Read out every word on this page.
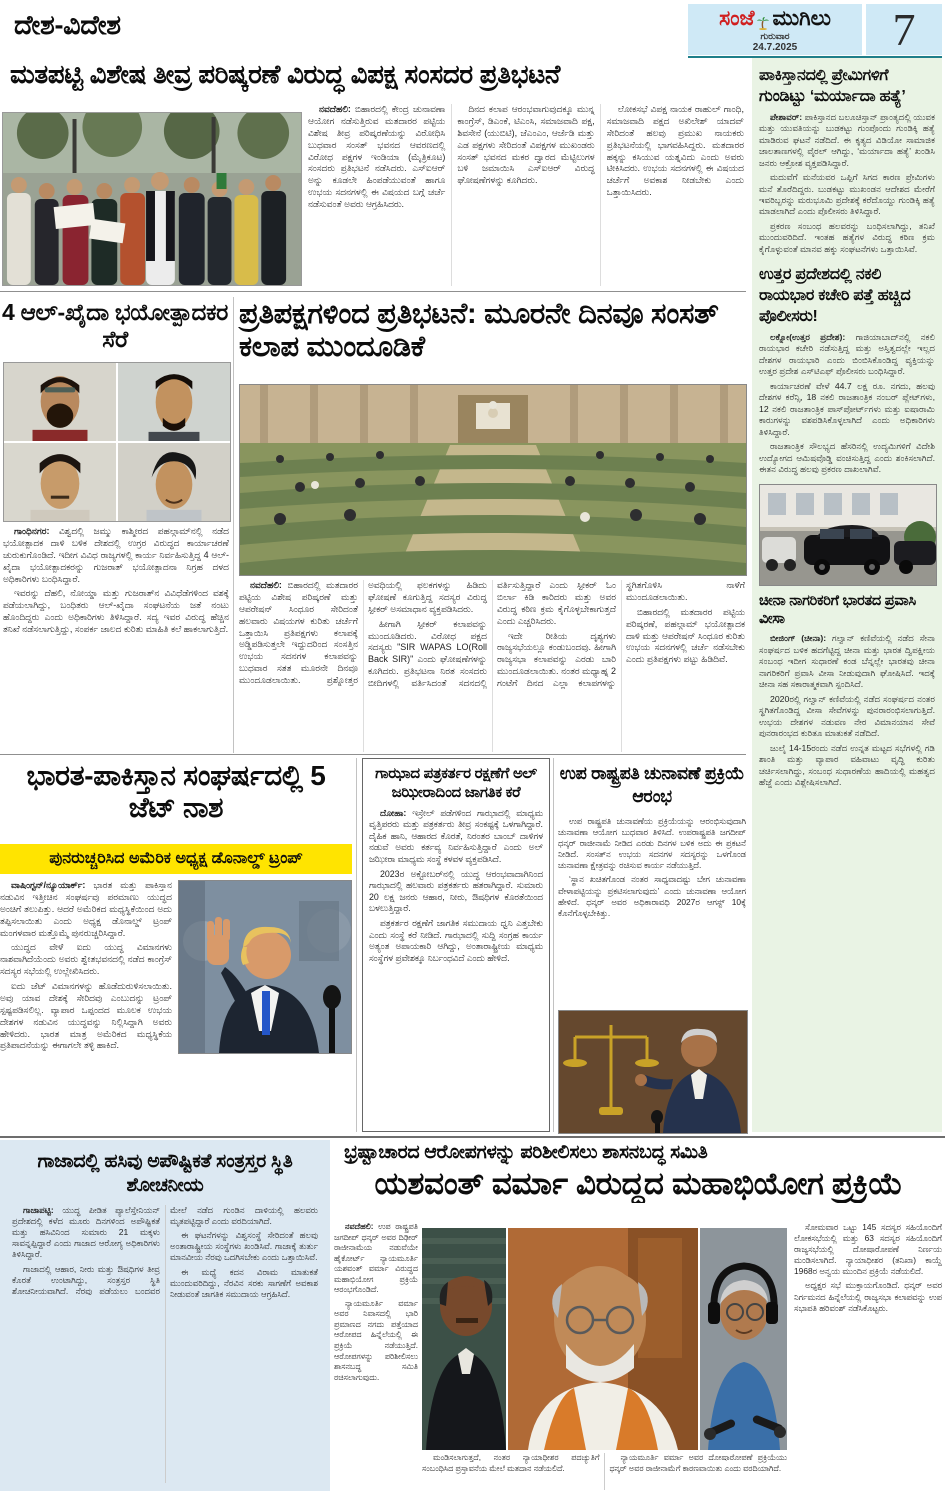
ದೇಶ-ವಿದೇಶ	ಸಂಜೆ ಮುಗಿಲು
ಗುರುವಾರ
24.7.2025	7
ಮತಪಟ್ಟಿ ವಿಶೇಷ ತೀವ್ರ ಪರಿಷ್ಕರಣೆ ವಿರುದ್ಧ ವಿಪಕ್ಷ ಸಂಸದರ ಪ್ರತಿಭಟನೆ

ನವದೆಹಲಿ: ಬಿಹಾರದಲ್ಲಿ ಕೇಂದ್ರ ಚುನಾವಣಾ ಆಯೋಗ ನಡೆಸುತ್ತಿರುವ ಮತದಾರರ ಪಟ್ಟಿಯ ವಿಶೇಷ ತೀವ್ರ ಪರಿಷ್ಕರಣೆಯನ್ನು ವಿರೋಧಿಸಿ ಬುಧವಾರ ಸಂಸತ್ ಭವನದ ಆವರಣದಲ್ಲಿ ವಿರೋಧ ಪಕ್ಷಗಳ ಇಂಡಿಯಾ (ಮೈತ್ರಿಕೂಟ) ಸಂಸದರು ಪ್ರತಿಭಟನೆ ನಡೆಸಿದರು. ಎಸ್‌ಐಆರ್ ಅನ್ನು ಕೂಡಲೇ ಹಿಂಪಡೆಯುವಂತೆ ಹಾಗೂ ಉಭಯ ಸದನಗಳಲ್ಲಿ ಈ ವಿಷಯದ ಬಗ್ಗೆ ಚರ್ಚೆ ನಡೆಸುವಂತೆ ಅವರು ಆಗ್ರಹಿಸಿದರು.

ದಿನದ ಕಲಾಪ ಆರಂಭವಾಗುವುದಕ್ಕೂ ಮುನ್ನ ಕಾಂಗ್ರೆಸ್, ಡಿಎಂಕೆ, ಟಿಎಂಸಿ, ಸಮಾಜವಾದಿ ಪಕ್ಷ, ಶಿವಸೇನೆ (ಯುಬಿಟಿ), ಜೆಎಂಎಂ, ಆರ್ಜೆಡಿ ಮತ್ತು ಎಡ ಪಕ್ಷಗಳು ಸೇರಿದಂತೆ ವಿಪಕ್ಷಗಳ ಮುಖಂಡರು ಸಂಸತ್ ಭವನದ ಮಕರ ದ್ವಾರದ ಮೆಟ್ಟಿಲುಗಳ ಬಳಿ ಜಮಾಯಿಸಿ ಎಸ್‌ಐಆರ್ ವಿರುದ್ಧ ಘೋಷಣೆಗಳನ್ನು ಕೂಗಿದರು.

ಲೋಕಸಭೆ ವಿಪಕ್ಷ ನಾಯಕ ರಾಹುಲ್ ಗಾಂಧಿ, ಸಮಾಜವಾದಿ ಪಕ್ಷದ ಅಖಿಲೇಶ್ ಯಾದವ್ ಸೇರಿದಂತೆ ಹಲವು ಪ್ರಮುಖ ನಾಯಕರು ಪ್ರತಿಭಟನೆಯಲ್ಲಿ ಭಾಗವಹಿಸಿದ್ದರು. ಮತದಾರರ ಹಕ್ಕನ್ನು ಕಸಿಯುವ ಯತ್ನವಿದು ಎಂದು ಅವರು ಟೀಕಿಸಿದರು. ಉಭಯ ಸದನಗಳಲ್ಲಿ ಈ ವಿಷಯದ ಚರ್ಚೆಗೆ ಅವಕಾಶ ನೀಡಬೇಕು ಎಂದು ಒತ್ತಾಯಿಸಿದರು.

4 ಆಲ್-ಖೈದಾ ಭಯೋತ್ಪಾದಕರ ಸೆರೆ

ಗಾಂಧಿನಗರ: ವಿಶ್ವದಲ್ಲಿ ಜಮ್ಮು ಕಾಶ್ಮೀರದ ಪಹಲ್ಗಾಮ್‌ನಲ್ಲಿ ನಡೆದ ಭಯೋತ್ಪಾದಕ ದಾಳಿ ಬಳಿಕ ದೇಶದಲ್ಲಿ ಉಗ್ರರ ವಿರುದ್ಧದ ಕಾರ್ಯಾಚರಣೆ ಚುರುಕುಗೊಂಡಿದೆ. ಇದೀಗ ವಿವಿಧ ರಾಜ್ಯಗಳಲ್ಲಿ ಕಾರ್ಯ ನಿರ್ವಹಿಸುತ್ತಿದ್ದ 4 ಆಲ್-ಖೈದಾ ಭಯೋತ್ಪಾದಕರನ್ನು ಗುಜರಾತ್ ಭಯೋತ್ಪಾದನಾ ನಿಗ್ರಹ ದಳದ ಅಧಿಕಾರಿಗಳು ಬಂಧಿಸಿದ್ದಾರೆ.

ಇವರನ್ನು ದೆಹಲಿ, ನೋಯ್ಡಾ ಮತ್ತು ಗುಜರಾತ್‌ನ ವಿವಿಧೆಡೆಗಳಿಂದ ವಶಕ್ಕೆ ಪಡೆಯಲಾಗಿದ್ದು, ಬಂಧಿತರು ಆಲ್-ಖೈದಾ ಸಂಘಟನೆಯ ಜತೆ ನಂಟು ಹೊಂದಿದ್ದರು ಎಂದು ಅಧಿಕಾರಿಗಳು ತಿಳಿಸಿದ್ದಾರೆ. ಸದ್ಯ ಇವರ ವಿರುದ್ಧ ಹೆಚ್ಚಿನ ತನಿಖೆ ನಡೆಸಲಾಗುತ್ತಿದ್ದು, ಸಂಪರ್ಕ ಜಾಲದ ಕುರಿತು ಮಾಹಿತಿ ಕಲೆ ಹಾಕಲಾಗುತ್ತಿದೆ.

ಪ್ರತಿಪಕ್ಷಗಳಿಂದ ಪ್ರತಿಭಟನೆ: ಮೂರನೇ ದಿನವೂ ಸಂಸತ್ ಕಲಾಪ ಮುಂದೂಡಿಕೆ

ನವದೆಹಲಿ: ಬಿಹಾರದಲ್ಲಿ ಮತದಾರರ ಪಟ್ಟಿಯ ವಿಶೇಷ ಪರಿಷ್ಕರಣೆ ಮತ್ತು ಆಪರೇಷನ್ ಸಿಂಧೂರ ಸೇರಿದಂತೆ ಹಲವಾರು ವಿಷಯಗಳ ಕುರಿತು ಚರ್ಚೆಗೆ ಒತ್ತಾಯಿಸಿ ಪ್ರತಿಪಕ್ಷಗಳು ಕಲಾಪಕ್ಕೆ ಅಡ್ಡಿಪಡಿಸುತ್ತಲೇ ಇದ್ದುದರಿಂದ ಸಂಸತ್ತಿನ ಉಭಯ ಸದನಗಳ ಕಲಾಪವನ್ನು ಬುಧವಾರ ಸತತ ಮೂರನೇ ದಿನವೂ ಮುಂದೂಡಲಾಯಿತು. ಪ್ರಶ್ನೋತ್ತರ ಅವಧಿಯಲ್ಲಿ ಫಲಕಗಳನ್ನು ಹಿಡಿದು ಘೋಷಣೆ ಕೂಗುತ್ತಿದ್ದ ಸದಸ್ಯರ ವಿರುದ್ಧ ಸ್ಪೀಕರ್ ಅಸಮಾಧಾನ ವ್ಯಕ್ತಪಡಿಸಿದರು.

ಹೀಗಾಗಿ ಸ್ಪೀಕರ್ ಕಲಾಪವನ್ನು ಮುಂದೂಡಿದರು. ವಿರೋಧ ಪಕ್ಷದ ಸದಸ್ಯರು "SIR WAPAS LO(Roll Back SIR)" ಎಂದು ಘೋಷಣೆಗಳನ್ನು ಕೂಗಿದರು. ಪ್ರತಿಭಟನಾ ನಿರತ ಸಂಸದರು ಬೀದಿಗಳಲ್ಲಿ ವರ್ತಿಸಿದಂತೆ ಸದನದಲ್ಲಿ ವರ್ತಿಸುತ್ತಿದ್ದಾರೆ ಎಂದು ಸ್ಪೀಕರ್ ಓಂ ಬಿರ್ಲಾ ಕಿಡಿ ಕಾರಿದರು ಮತ್ತು ಅವರ ವಿರುದ್ಧ ಕಠಿಣ ಕ್ರಮ ಕೈಗೊಳ್ಳಬೇಕಾಗುತ್ತದೆ ಎಂದು ಎಚ್ಚರಿಸಿದರು.

ಇದೇ ರೀತಿಯ ದೃಶ್ಯಗಳು ರಾಜ್ಯಸಭೆಯಲ್ಲೂ ಕಂಡುಬಂದವು. ಹೀಗಾಗಿ ರಾಜ್ಯಸಭಾ ಕಲಾಪವನ್ನು ಎರಡು ಬಾರಿ ಮುಂದೂಡಲಾಯಿತು. ನಂತರ ಮಧ್ಯಾಹ್ನ 2 ಗಂಟೆಗೆ ದಿನದ ಎಲ್ಲಾ ಕಲಾಪಗಳನ್ನು ಸ್ಥಗಿತಗೊಳಿಸಿ ನಾಳೆಗೆ ಮುಂದೂಡಲಾಯಿತು.

ಬಿಹಾರದಲ್ಲಿ ಮತದಾರರ ಪಟ್ಟಿಯ ಪರಿಷ್ಕರಣೆ, ಪಹಲ್ಗಾಮ್ ಭಯೋತ್ಪಾದಕ ದಾಳಿ ಮತ್ತು ಆಪರೇಷನ್ ಸಿಂಧೂರ ಕುರಿತು ಉಭಯ ಸದನಗಳಲ್ಲಿ ಚರ್ಚೆ ನಡೆಸಬೇಕು ಎಂದು ಪ್ರತಿಪಕ್ಷಗಳು ಪಟ್ಟು ಹಿಡಿದಿವೆ.

ಭಾರತ-ಪಾಕಿಸ್ತಾನ ಸಂಘರ್ಷದಲ್ಲಿ 5 ಜೆಟ್ ನಾಶ
ಪುನರುಚ್ಚರಿಸಿದ ಅಮೆರಿಕ ಅಧ್ಯಕ್ಷ ಡೊನಾಲ್ಡ್ ಟ್ರಂಪ್

ವಾಷಿಂಗ್ಟನ್/ನ್ಯೂಯಾರ್ಕ್: ಭಾರತ ಮತ್ತು ಪಾಕಿಸ್ತಾನ ನಡುವಿನ ಇತ್ತೀಚಿನ ಸಂಘರ್ಷವು ಪರಮಾಣು ಯುದ್ಧದ ಅಂಚಿಗೆ ತಲುಪಿತ್ತು. ಆದರೆ ಅಮೆರಿಕದ ಮಧ್ಯಸ್ಥಿಕೆಯಿಂದ ಅದು ತಪ್ಪಿಸಲಾಯಿತು ಎಂದು ಅಧ್ಯಕ್ಷ ಡೊನಾಲ್ಡ್ ಟ್ರಂಪ್ ಮಂಗಳವಾರ ಮತ್ತೊಮ್ಮೆ ಪುನರುಚ್ಚರಿಸಿದ್ದಾರೆ.

ಯುದ್ಧದ ವೇಳೆ ಐದು ಯುದ್ಧ ವಿಮಾನಗಳು ನಾಶವಾಗಿದೆಯೆಂದು ಅವರು ಶ್ವೇತಭವನದಲ್ಲಿ ನಡೆದ ಕಾಂಗ್ರೆಸ್ ಸದಸ್ಯರ ಸಭೆಯಲ್ಲಿ ಉಲ್ಲೇಖಿಸಿದರು.

ಐದು ಜೆಟ್ ವಿಮಾನಗಳನ್ನು ಹೊಡೆದುರುಳಿಸಲಾಯಿತು. ಅವು ಯಾವ ದೇಶಕ್ಕೆ ಸೇರಿದವು ಎಂಬುದನ್ನು ಟ್ರಂಪ್ ಸ್ಪಷ್ಟಪಡಿಸಲಿಲ್ಲ. ವ್ಯಾಪಾರ ಒಪ್ಪಂದದ ಮೂಲಕ ಉಭಯ ದೇಶಗಳ ನಡುವಿನ ಯುದ್ಧವನ್ನು ನಿಲ್ಲಿಸಿದ್ದಾಗಿ ಅವರು ಹೇಳಿದರು. ಭಾರತ ಮಾತ್ರ ಅಮೆರಿಕದ ಮಧ್ಯಸ್ಥಿಕೆಯ ಪ್ರತಿಪಾದನೆಯನ್ನು ಈಗಾಗಲೇ ತಳ್ಳಿ ಹಾಕಿದೆ.

ಗಾಝಾದ ಪತ್ರಕರ್ತರ ರಕ್ಷಣೆಗೆ ಅಲ್ ಜಝೀರಾದಿಂದ ಜಾಗತಿಕ ಕರೆ

ದೋಹಾ: ಇಸ್ರೇಲ್ ಪಡೆಗಳಿಂದ ಗಾಝಾದಲ್ಲಿ ಮಾಧ್ಯಮ ವೃತ್ತಿಪರರು ಮತ್ತು ಪತ್ರಕರ್ತರು ತೀವ್ರ ಸಂಕಷ್ಟಕ್ಕೆ ಒಳಗಾಗಿದ್ದಾರೆ. ದೈಹಿಕ ಹಾನಿ, ಆಹಾರದ ಕೊರತೆ, ನಿರಂತರ ಬಾಂಬ್ ದಾಳಿಗಳ ನಡುವೆ ಅವರು ಕರ್ತವ್ಯ ನಿರ್ವಹಿಸುತ್ತಿದ್ದಾರೆ ಎಂದು ಅಲ್ ಜಝೀರಾ ಮಾಧ್ಯಮ ಸಂಸ್ಥೆ ಕಳವಳ ವ್ಯಕ್ತಪಡಿಸಿದೆ.

2023ರ ಅಕ್ಟೋಬರ್‌ನಲ್ಲಿ ಯುದ್ಧ ಆರಂಭವಾದಾಗಿನಿಂದ ಗಾಝಾದಲ್ಲಿ ಹಲವಾರು ಪತ್ರಕರ್ತರು ಹತರಾಗಿದ್ದಾರೆ. ಸುಮಾರು 20 ಲಕ್ಷ ಜನರು ಆಹಾರ, ನೀರು, ಔಷಧಿಗಳ ಕೊರತೆಯಿಂದ ಬಳಲುತ್ತಿದ್ದಾರೆ.

ಪತ್ರಕರ್ತರ ರಕ್ಷಣೆಗೆ ಜಾಗತಿಕ ಸಮುದಾಯ ಧ್ವನಿ ಎತ್ತಬೇಕು ಎಂದು ಸಂಸ್ಥೆ ಕರೆ ನೀಡಿದೆ. ಗಾಝಾದಲ್ಲಿ ಸುದ್ದಿ ಸಂಗ್ರಹ ಕಾರ್ಯ ಅತ್ಯಂತ ಅಪಾಯಕಾರಿ ಆಗಿದ್ದು, ಅಂತಾರಾಷ್ಟ್ರೀಯ ಮಾಧ್ಯಮ ಸಂಸ್ಥೆಗಳ ಪ್ರವೇಶಕ್ಕೂ ನಿರ್ಬಂಧವಿದೆ ಎಂದು ಹೇಳಿದೆ.

ಉಪ ರಾಷ್ಟ್ರಪತಿ ಚುನಾವಣೆ ಪ್ರಕ್ರಿಯೆ ಆರಂಭ

ಉಪ ರಾಷ್ಟ್ರಪತಿ ಚುನಾವಣೆಯ ಪ್ರಕ್ರಿಯೆಯನ್ನು ಆರಂಭಿಸುವುದಾಗಿ ಚುನಾವಣಾ ಆಯೋಗ ಬುಧವಾರ ತಿಳಿಸಿದೆ. ಉಪರಾಷ್ಟ್ರಪತಿ ಜಗದೀಪ್ ಧನ್ಕರ್ ರಾಜೀನಾಮೆ ನೀಡಿದ ಎರಡು ದಿನಗಳ ಬಳಿಕ ಅದು ಈ ಪ್ರಕಟನೆ ನೀಡಿದೆ. ಸಂಸತ್‌ನ ಉಭಯ ಸದನಗಳ ಸದಸ್ಯರನ್ನು ಒಳಗೊಂಡ ಚುನಾವಣಾ ಕ್ಷೇತ್ರವನ್ನು ರಚಿಸುವ ಕಾರ್ಯ ನಡೆಯುತ್ತಿದೆ.

‘ಸ್ಥಾನ ಖಚಿತಗೊಂಡ ನಂತರ ಸಾಧ್ಯವಾದಷ್ಟು ಬೇಗ ಚುನಾವಣಾ ವೇಳಾಪಟ್ಟಿಯನ್ನು ಪ್ರಕಟಿಸಲಾಗುವುದು’ ಎಂದು ಚುನಾವಣಾ ಆಯೋಗ ಹೇಳಿದೆ. ಧನ್ಕರ್ ಅವರ ಅಧಿಕಾರಾವಧಿ 2027ರ ಆಗಸ್ಟ್ 10ಕ್ಕೆ ಕೊನೆಗೊಳ್ಳಬೇಕಿತ್ತು.

ಪಾಕಿಸ್ತಾನದಲ್ಲಿ ಪ್ರೇಮಿಗಳಿಗೆ ಗುಂಡಿಟ್ಟು ‘ಮರ್ಯಾದಾ ಹತ್ಯೆ’

ಪೇಶಾವರ್: ಪಾಕಿಸ್ತಾನದ ಬಲೂಚಿಸ್ತಾನ್ ಪ್ರಾಂತ್ಯದಲ್ಲಿ ಯುವಕ ಮತ್ತು ಯುವತಿಯನ್ನು ಬುಡಕಟ್ಟು ಗುಂಪೊಂದು ಗುಂಡಿಕ್ಕಿ ಹತ್ಯೆ ಮಾಡಿರುವ ಘಟನೆ ನಡೆದಿದೆ. ಈ ಕೃತ್ಯದ ವಿಡಿಯೋ ಸಾಮಾಜಿಕ ಜಾಲತಾಣಗಳಲ್ಲಿ ವೈರಲ್ ಆಗಿದ್ದು, ‘ಮರ್ಯಾದಾ ಹತ್ಯೆ’ ಖಂಡಿಸಿ ಜನರು ಆಕ್ರೋಶ ವ್ಯಕ್ತಪಡಿಸಿದ್ದಾರೆ.

ಮದುವೆಗೆ ಮನೆಯವರ ಒಪ್ಪಿಗೆ ಸಿಗದ ಕಾರಣ ಪ್ರೇಮಿಗಳು ಮನೆ ತೊರೆದಿದ್ದರು. ಬುಡಕಟ್ಟು ಮುಖಂಡನ ಆದೇಶದ ಮೇರೆಗೆ ಇವರಿಬ್ಬರನ್ನು ಮರುಭೂಮಿ ಪ್ರದೇಶಕ್ಕೆ ಕರೆದೊಯ್ದು ಗುಂಡಿಕ್ಕಿ ಹತ್ಯೆ ಮಾಡಲಾಗಿದೆ ಎಂದು ಪೊಲೀಸರು ತಿಳಿಸಿದ್ದಾರೆ.

ಪ್ರಕರಣ ಸಂಬಂಧ ಹಲವರನ್ನು ಬಂಧಿಸಲಾಗಿದ್ದು, ತನಿಖೆ ಮುಂದುವರಿದಿದೆ. ಇಂತಹ ಹತ್ಯೆಗಳ ವಿರುದ್ಧ ಕಠಿಣ ಕ್ರಮ ಕೈಗೊಳ್ಳುವಂತೆ ಮಾನವ ಹಕ್ಕು ಸಂಘಟನೆಗಳು ಒತ್ತಾಯಿಸಿವೆ.

ಉತ್ತರ ಪ್ರದೇಶದಲ್ಲಿ ನಕಲಿ ರಾಯಭಾರ ಕಚೇರಿ ಪತ್ತೆ ಹಚ್ಚಿದ ಪೊಲೀಸರು!

ಲಕ್ನೋ(ಉತ್ತರ ಪ್ರದೇಶ): ಗಾಜಿಯಾಬಾದ್‌ನಲ್ಲಿ ನಕಲಿ ರಾಯಭಾರ ಕಚೇರಿ ನಡೆಸುತ್ತಿದ್ದ ಮತ್ತು ಅಸ್ತಿತ್ವದಲ್ಲೇ ಇಲ್ಲದ ದೇಶಗಳ ರಾಯಭಾರಿ ಎಂದು ಬಿಂಬಿಸಿಕೊಂಡಿದ್ದ ವ್ಯಕ್ತಿಯನ್ನು ಉತ್ತರ ಪ್ರದೇಶ ಎಸ್‌ಟಿಎಫ್ ಪೊಲೀಸರು ಬಂಧಿಸಿದ್ದಾರೆ.

ಕಾರ್ಯಾಚರಣೆ ವೇಳೆ 44.7 ಲಕ್ಷ ರೂ. ನಗದು, ಹಲವು ದೇಶಗಳ ಕರೆನ್ಸಿ, 18 ನಕಲಿ ರಾಜತಾಂತ್ರಿಕ ನಂಬರ್ ಪ್ಲೇಟ್‌ಗಳು, 12 ನಕಲಿ ರಾಜತಾಂತ್ರಿಕ ಪಾಸ್‌ಪೋರ್ಟ್‌ಗಳು ಮತ್ತು ಐಷಾರಾಮಿ ಕಾರುಗಳನ್ನು ವಶಪಡಿಸಿಕೊಳ್ಳಲಾಗಿದೆ ಎಂದು ಅಧಿಕಾರಿಗಳು ತಿಳಿಸಿದ್ದಾರೆ.

ರಾಜತಾಂತ್ರಿಕ ಸೌಲಭ್ಯದ ಹೆಸರಿನಲ್ಲಿ ಉದ್ಯಮಿಗಳಿಗೆ ವಿದೇಶಿ ಉದ್ಯೋಗದ ಆಮಿಷವೊಡ್ಡಿ ವಂಚಿಸುತ್ತಿದ್ದ ಎಂದು ಶಂಕಿಸಲಾಗಿದೆ. ಈತನ ವಿರುದ್ಧ ಹಲವು ಪ್ರಕರಣ ದಾಖಲಾಗಿವೆ.

ಚೀನಾ ನಾಗರಿಕರಿಗೆ ಭಾರತದ ಪ್ರವಾಸಿ ವೀಸಾ

ಬೀಜಿಂಗ್ (ಚೀನಾ): ಗಲ್ವಾನ್ ಕಣಿವೆಯಲ್ಲಿ ನಡೆದ ಸೇನಾ ಸಂಘರ್ಷದ ಬಳಿಕ ಹದಗೆಟ್ಟಿದ್ದ ಚೀನಾ ಮತ್ತು ಭಾರತ ದ್ವಿಪಕ್ಷೀಯ ಸಂಬಂಧ ಇದೀಗ ಸುಧಾರಣೆ ಕಂಡ ಬೆನ್ನಲ್ಲೇ ಭಾರತವು ಚೀನಾ ನಾಗರಿಕರಿಗೆ ಪ್ರವಾಸಿ ವೀಸಾ ನೀಡುವುದಾಗಿ ಘೋಷಿಸಿದೆ. ಇದಕ್ಕೆ ಚೀನಾ ಸಹ ಸಕಾರಾತ್ಮಕವಾಗಿ ಸ್ಪಂದಿಸಿದೆ.

2020ರಲ್ಲಿ ಗಲ್ವಾನ್ ಕಣಿವೆಯಲ್ಲಿ ನಡೆದ ಸಂಘರ್ಷದ ನಂತರ ಸ್ಥಗಿತಗೊಂಡಿದ್ದ ವೀಸಾ ಸೇವೆಗಳನ್ನು ಪುನರಾರಂಭಿಸಲಾಗುತ್ತಿದೆ. ಉಭಯ ದೇಶಗಳ ನಡುವಣ ನೇರ ವಿಮಾನಯಾನ ಸೇವೆ ಪುನರಾರಂಭದ ಕುರಿತೂ ಮಾತುಕತೆ ನಡೆದಿದೆ.

ಜುಲೈ 14-15ರಂದು ನಡೆದ ಉನ್ನತ ಮಟ್ಟದ ಸಭೆಗಳಲ್ಲಿ ಗಡಿ ಶಾಂತಿ ಮತ್ತು ವ್ಯಾಪಾರ ವಹಿವಾಟು ವೃದ್ಧಿ ಕುರಿತು ಚರ್ಚಿಸಲಾಗಿದ್ದು, ಸಂಬಂಧ ಸುಧಾರಣೆಯ ಹಾದಿಯಲ್ಲಿ ಮಹತ್ವದ ಹೆಜ್ಜೆ ಎಂದು ವಿಶ್ಲೇಷಿಸಲಾಗಿದೆ.

ಗಾಜಾದಲ್ಲಿ ಹಸಿವು ಅಪೌಷ್ಟಿಕತೆ ಸಂತ್ರಸ್ತರ ಸ್ಥಿತಿ ಶೋಚನೀಯ

ಗಾಜಾಪಟ್ಟಿ: ಯುದ್ಧ ಪೀಡಿತ ಪ್ಯಾಲೆಸ್ತೇನಿಯನ್ ಪ್ರದೇಶದಲ್ಲಿ ಕಳೆದ ಮೂರು ದಿನಗಳಿಂದ ಅಪೌಷ್ಟಿಕತೆ ಮತ್ತು ಹಸಿವಿನಿಂದ ಸುಮಾರು 21 ಮಕ್ಕಳು ಸಾವನ್ನಪ್ಪಿದ್ದಾರೆ ಎಂದು ಗಾಜಾದ ಆರೋಗ್ಯ ಅಧಿಕಾರಿಗಳು ತಿಳಿಸಿದ್ದಾರೆ.

ಗಾಜಾದಲ್ಲಿ ಆಹಾರ, ನೀರು ಮತ್ತು ಔಷಧಿಗಳ ತೀವ್ರ ಕೊರತೆ ಉಂಟಾಗಿದ್ದು, ಸಂತ್ರಸ್ತರ ಸ್ಥಿತಿ ಶೋಚನೀಯವಾಗಿದೆ. ನೆರವು ಪಡೆಯಲು ಬಂದವರ ಮೇಲೆ ನಡೆದ ಗುಂಡಿನ ದಾಳಿಯಲ್ಲಿ ಹಲವರು ಮೃತಪಟ್ಟಿದ್ದಾರೆ ಎಂದು ವರದಿಯಾಗಿದೆ.

ಈ ಘಟನೆಗಳನ್ನು ವಿಶ್ವಸಂಸ್ಥೆ ಸೇರಿದಂತೆ ಹಲವು ಅಂತಾರಾಷ್ಟ್ರೀಯ ಸಂಸ್ಥೆಗಳು ಖಂಡಿಸಿವೆ. ಗಾಜಾಕ್ಕೆ ತುರ್ತು ಮಾನವೀಯ ನೆರವು ಒದಗಿಸಬೇಕು ಎಂದು ಒತ್ತಾಯಿಸಿವೆ.

ಈ ಮಧ್ಯೆ ಕದನ ವಿರಾಮ ಮಾತುಕತೆ ಮುಂದುವರಿದಿದ್ದು, ನೆರವಿನ ಸರಕು ಸಾಗಣೆಗೆ ಅವಕಾಶ ನೀಡುವಂತೆ ಜಾಗತಿಕ ಸಮುದಾಯ ಆಗ್ರಹಿಸಿದೆ.

ಭ್ರಷ್ಟಾಚಾರದ ಆರೋಪಗಳನ್ನು ಪರಿಶೀಲಿಸಲು ಶಾಸನಬದ್ಧ ಸಮಿತಿ
ಯಶವಂತ್ ವರ್ಮಾ ವಿರುದ್ಧದ ಮಹಾಭಿಯೋಗ ಪ್ರಕ್ರಿಯೆ

ನವದೆಹಲಿ: ಉಪ ರಾಷ್ಟ್ರಪತಿ ಜಗದೀಪ್ ಧನ್ಕರ್ ಅವರ ದಿಢೀರ್ ರಾಜೀನಾಮೆಯ ನಡುವೆಯೇ ಹೈಕೋರ್ಟ್ ನ್ಯಾಯಮೂರ್ತಿ ಯಶವಂತ್ ವರ್ಮಾ ವಿರುದ್ಧದ ಮಹಾಭಿಯೋಗ ಪ್ರಕ್ರಿಯೆ ಆರಂಭಗೊಂಡಿದೆ.

ನ್ಯಾಯಮೂರ್ತಿ ವರ್ಮಾ ಅವರ ನಿವಾಸದಲ್ಲಿ ಭಾರಿ ಪ್ರಮಾಣದ ನಗದು ಪತ್ತೆಯಾದ ಆರೋಪದ ಹಿನ್ನೆಲೆಯಲ್ಲಿ ಈ ಪ್ರಕ್ರಿಯೆ ನಡೆಯುತ್ತಿದೆ. ಆರೋಪಗಳನ್ನು ಪರಿಶೀಲಿಸಲು ಶಾಸನಬದ್ಧ ಸಮಿತಿ ರಚಿಸಲಾಗುವುದು.

ಸೋಮವಾರ ಒಟ್ಟು 145 ಸದಸ್ಯರ ಸಹಿಯೊಂದಿಗೆ ಲೋಕಸಭೆಯಲ್ಲಿ ಮತ್ತು 63 ಸದಸ್ಯರ ಸಹಿಯೊಂದಿಗೆ ರಾಜ್ಯಸಭೆಯಲ್ಲಿ ದೋಷಾರೋಪಣೆ ನಿರ್ಣಯ ಮಂಡಿಸಲಾಗಿದೆ. ನ್ಯಾಯಾಧೀಶರ (ತನಿಖಾ) ಕಾಯ್ದೆ 1968ರ ಅನ್ವಯ ಮುಂದಿನ ಪ್ರಕ್ರಿಯೆ ನಡೆಯಲಿದೆ.

ಅಧ್ಯಕ್ಷರ ಸಭೆ ಮುಕ್ತಾಯಗೊಂಡಿದೆ. ಧನ್ಕರ್ ಅವರ ನಿರ್ಗಮನದ ಹಿನ್ನೆಲೆಯಲ್ಲಿ ರಾಜ್ಯಸಭಾ ಕಲಾಪವನ್ನು ಉಪ ಸಭಾಪತಿ ಹರಿವಂಶ್ ನಡೆಸಿಕೊಟ್ಟರು.

ಮಂಡಿಸಲಾಗುತ್ತದೆ, ನಂತರ ನ್ಯಾಯಾಧೀಶರ ಪದಚ್ಯುತಿಗೆ ಸಂಬಂಧಿಸಿದ ಪ್ರಸ್ತಾವನೆಯ ಮೇಲೆ ಮತದಾನ ನಡೆಯಲಿದೆ.

ನ್ಯಾಯಮೂರ್ತಿ ವರ್ಮಾ ಅವರ ದೋಷಾರೋಪಣೆ ಪ್ರಕ್ರಿಯೆಯು ಧನ್ಕರ್ ಅವರ ರಾಜೀನಾಮೆಗೆ ಕಾರಣವಾಯಿತು ಎಂದು ವರದಿಯಾಗಿದೆ.
